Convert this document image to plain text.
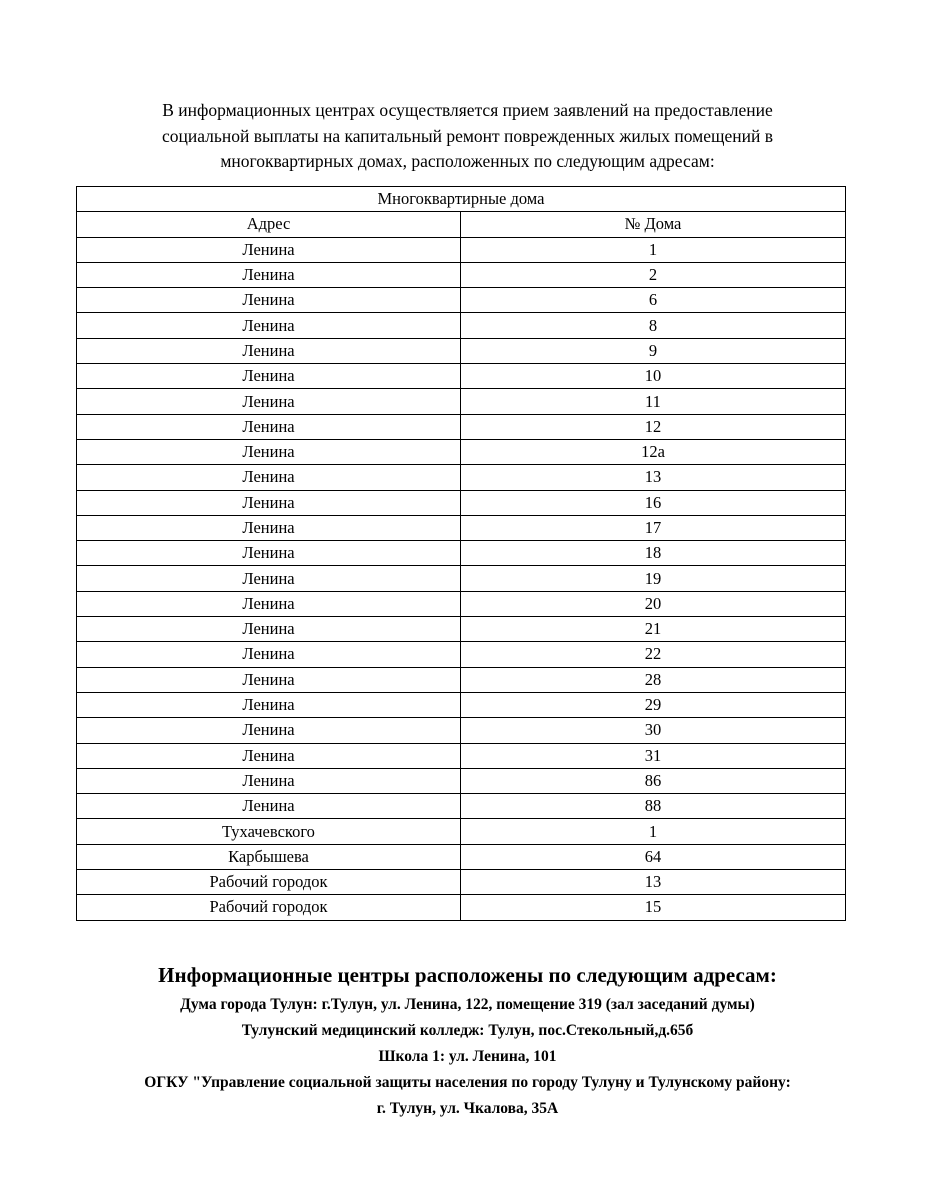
В информационных центрах осуществляется прием заявлений на предоставление
социальной выплаты на капитальный ремонт поврежденных жилых помещений в
многоквартирных домах, расположенных по следующим адресам:
Многоквартирные дома	
Адрес	№ Дома
Ленина	1
Ленина	2
Ленина	6
Ленина	8
Ленина	9
Ленина	10
Ленина	11
Ленина	12
Ленина	12а
Ленина	13
Ленина	16
Ленина	17
Ленина	18
Ленина	19
Ленина	20
Ленина	21
Ленина	22
Ленина	28
Ленина	29
Ленина	30
Ленина	31
Ленина	86
Ленина	88
Тухачевского	1
Карбышева	64
Рабочий городок	13
Рабочий городок	15
Информационные центры расположены по следующим адресам:
Дума города Тулун: г.Тулун, ул. Ленина, 122, помещение 319 (зал заседаний думы)
Тулунский медицинский колледж: Тулун, пос.Стекольный,д.65б
Школа 1: ул. Ленина, 101
ОГКУ "Управление социальной защиты населения по городу Тулуну и Тулунскому району:
г. Тулун, ул. Чкалова, 35А
